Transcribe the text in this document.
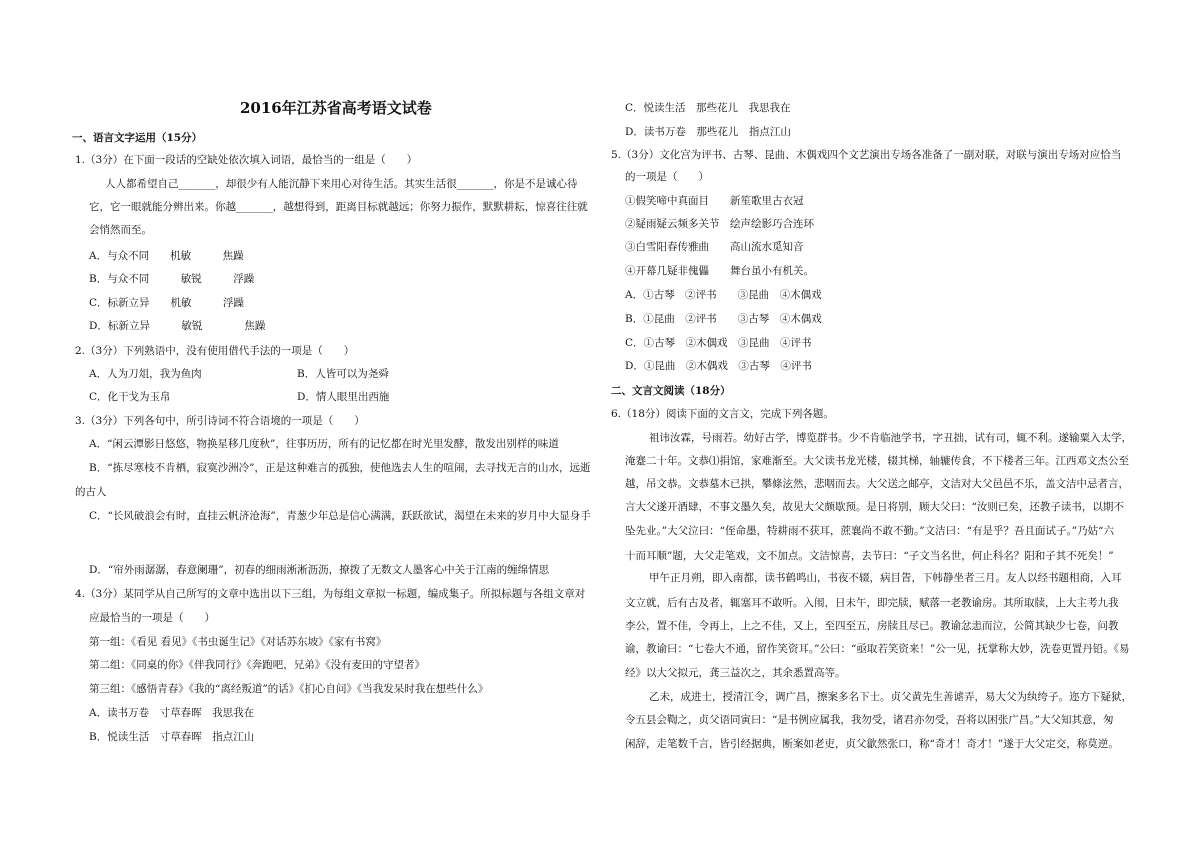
2016年江苏省高考语文试卷
一、语言文字运用（15分）
1.（3分）在下面一段话的空缺处依次填入词语，最恰当的一组是（　　）
人人都希望自己_______，却很少有人能沉静下来用心对待生活。其实生活很_______，你是不是诚心待
它，它一眼就能分辨出来。你越_______，越想得到，距离目标就越远；你努力振作，默默耕耘，惊喜往往就
会悄然而至。
A．与众不同　　机敏　　　焦躁
B．与众不同　　　敏锐　　　浮躁
C．标新立异　　机敏　　　浮躁
D．标新立异　　　敏锐　　　　焦躁
2.（3分）下列熟语中，没有使用借代手法的一项是（　　）
A．人为刀俎，我为鱼肉	B．人皆可以为尧舜
C．化干戈为玉帛	D．情人眼里出西施
3.（3分）下列各句中，所引诗词不符合语境的一项是（　　）
A．“闲云潭影日悠悠，物换星移几度秋”，往事历历，所有的记忆都在时光里发酵，散发出别样的味道
B．“拣尽寒枝不肯栖，寂寞沙洲冷”，正是这种难言的孤独，使他选去人生的喧闹，去寻找无言的山水，远逝
的古人
C．“长风破浪会有时，直挂云帆济沧海”，青葱少年总是信心满满，跃跃欲试，渴望在未来的岁月中大显身手
D．“帘外雨潺潺，春意阑珊”，初春的细雨淅淅沥沥，撩拨了无数文人墨客心中关于江南的缠绵情思
4.（3分）某同学从自己所写的文章中选出以下三组，为每组文章拟一标题，编成集子。所拟标题与各组文章对
应最恰当的一项是（　　）
第一组：《看见 看见》《书虫诞生记》《对话苏东坡》《家有书窝》
第二组：《同桌的你》《伴我同行》《奔跑吧，兄弟》《没有麦田的守望者》
第三组：《感悟青春》《我的“离经叛道”的话》《扪心自问》《当我发呆时我在想些什么》
A．读书万卷　寸草春晖　我思我在
B．悦读生活　寸草春晖　指点江山
C．悦读生活　那些花儿　我思我在
D．读书万卷　那些花儿　指点江山
5.（3分）文化宫为评书、古琴、昆曲、木偶戏四个文艺演出专场各准备了一副对联，对联与演出专场对应恰当
的一项是（　　）
①假笑啼中真面目　　新笙歌里古衣冠
②疑雨疑云频多关节　绘声绘影巧合连环
③白雪阳春传雅曲　　高山流水觅知音
④开幕几疑非傀儡　　舞台虽小有机关。
A．①古琴　②评书　　③昆曲　④木偶戏
B．①昆曲　②评书　　③古琴　④木偶戏
C．①古琴　②木偶戏　③昆曲　④评书
D．①昆曲　②木偶戏　③古琴　④评书
二、文言文阅读（18分）
6.（18分）阅读下面的文言文，完成下列各题。
祖讳汝霖，号雨若。幼好古学，博览群书。少不肯临池学书，字丑拙，试有司，辄不利。遂输粟入太学，
淹蹇二十年。文恭⑴捐馆，家难渐至。大父读书龙光楼，辍其梯，轴辘传食，不下楼者三年。江西邓文杰公至
越，吊文恭。文恭墓木已拱，攀條泫然，悲咽而去。大父送之邮亭，文洁对大父邑邑不乐，盖文洁中忌者言，
言大父遂开酒肆，不事文墨久矣，故见大父颇歇预。是日将别，顾大父曰：“汝则已矣，还教子读书，以期不
坠先业。”大父泣曰：“侄命墨，特耕雨不获耳，蔗襄尚不敢不勤。”文洁曰：“有是乎？吾且面试子。”乃姑“六
十而耳顺”题，大父走笔戏，文不加点。文洁惊喜，去节曰：“子文当名世，何止科名？阳和子其不死矣！”
甲午正月朔，即入南都，读书鹤鸣山，书夜不辍，病目眚，下帏静坐者三月。友人以经书题相商，入耳
文立就，后有古及者，辄塞耳不敢听。入闱，日未午，即完牍，赋落一老教谕房。其所取牍，上大主考九我
李公，置不佳，令再上，上之不佳，又上，至四至五，房牍且尽已。教谕忿恚而泣，公简其缺少七卷，问教
谕，教谕曰：“七卷大不通，留作笑资耳。”公曰：“亟取若笑资来！”公一见，抚掌称大妙，洗卷更置丹铅。《易
经》以大父拟元，龚三益次之，其余悉置高等。
乙未，成进士，授清江令，调广昌，擦案多名下士。贞父黄先生善谑弄，易大父为纨绔子。迩方下疑狱，
令五县会鞫之，贞父语同寅曰：“是书例应属我，我勿受，诸君亦勿受，吾将以困张广昌。”大父知其意，匆
闲辞，走笔数千言，皆引经据典，断案如老吏，贞父歙然张口，称“奇才！奇才！”遂于大父定交，称莫逆。
